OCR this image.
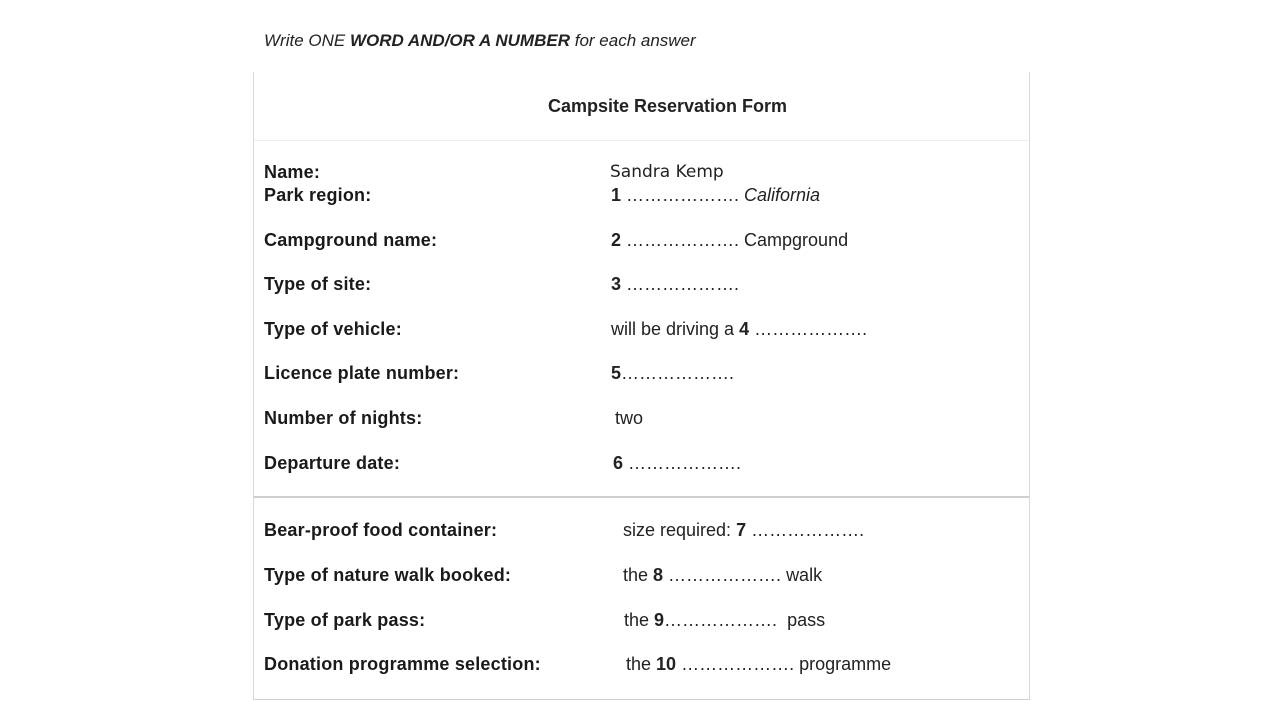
Write ONE WORD AND/OR A NUMBER for each answer
Campsite Reservation Form
Name:	Sandra Kemp
Park region:	1 ………………. California
Campground name:	2 ………………. Campground
Type of site:	3 ……………….
Type of vehicle:	will be driving a 4 ……………….
Licence plate number:	5……………….
Number of nights:	two
Departure date:	6 ……………….
Bear-proof food container:	size required: 7 ……………….
Type of nature walk booked:	the 8 ………………. walk
Type of park pass:	the 9……………….  pass
Donation programme selection:	the 10 ………………. programme
